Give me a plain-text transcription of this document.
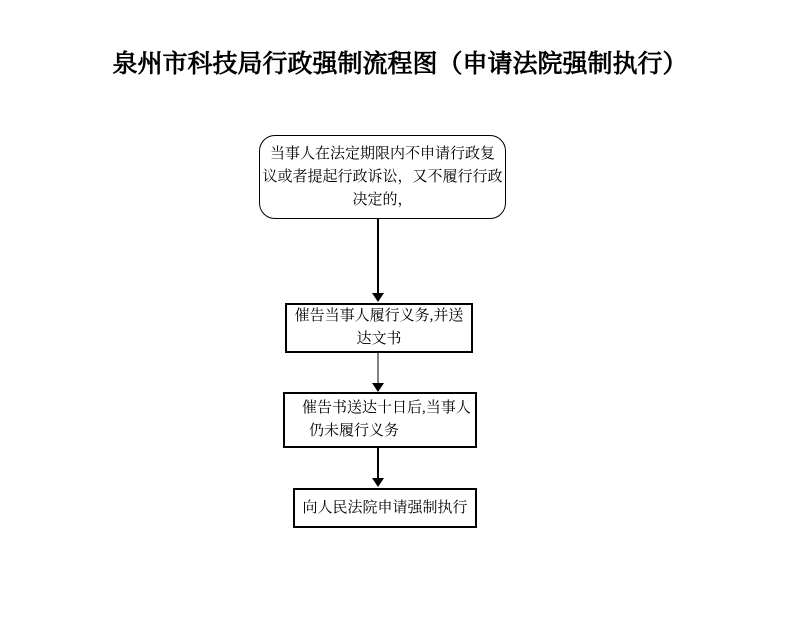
泉州市科技局行政强制流程图（申请法院强制执行）
当事人在法定期限内不申请行政复
议或者提起行政诉讼，又不履行行政
决定的，
催告当事人履行义务,并送
达文书
催告书送达十日后,当事人
仍未履行义务
向人民法院申请强制执行
